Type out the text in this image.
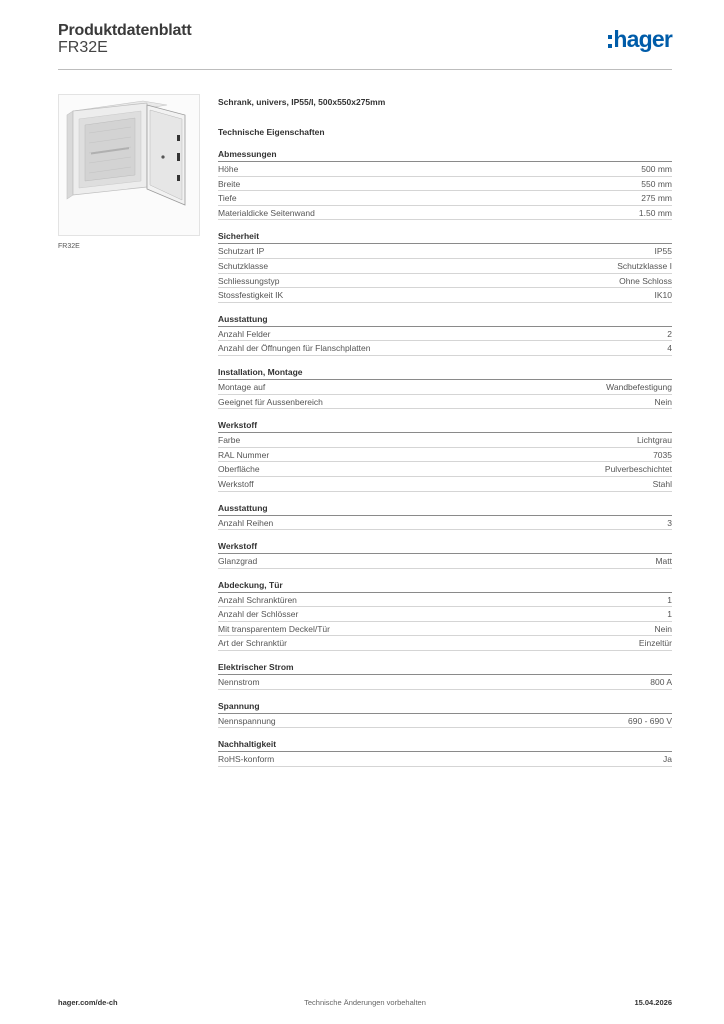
Produktdatenblatt
FR32E	hager
FR32E
Schrank, univers, IP55/I, 500x550x275mm
Technische Eigenschaften
Abmessungen
Höhe	500 mm
Breite	550 mm
Tiefe	275 mm
Materialdicke Seitenwand	1.50 mm
Sicherheit
Schutzart IP	IP55
Schutzklasse	Schutzklasse I
Schliessungstyp	Ohne Schloss
Stossfestigkeit IK	IK10
Ausstattung
Anzahl Felder	2
Anzahl der Öffnungen für Flanschplatten	4
Installation, Montage
Montage auf	Wandbefestigung
Geeignet für Aussenbereich	Nein
Werkstoff
Farbe	Lichtgrau
RAL Nummer	7035
Oberfläche	Pulverbeschichtet
Werkstoff	Stahl
Ausstattung
Anzahl Reihen	3
Werkstoff
Glanzgrad	Matt
Abdeckung, Tür
Anzahl Schranktüren	1
Anzahl der Schlösser	1
Mit transparentem Deckel/Tür	Nein
Art der Schranktür	Einzeltür
Elektrischer Strom
Nennstrom	800 A
Spannung
Nennspannung	690 - 690 V
Nachhaltigkeit
RoHS-konform	Ja
hager.com/de-ch	Technische Änderungen vorbehalten	15.04.2026
